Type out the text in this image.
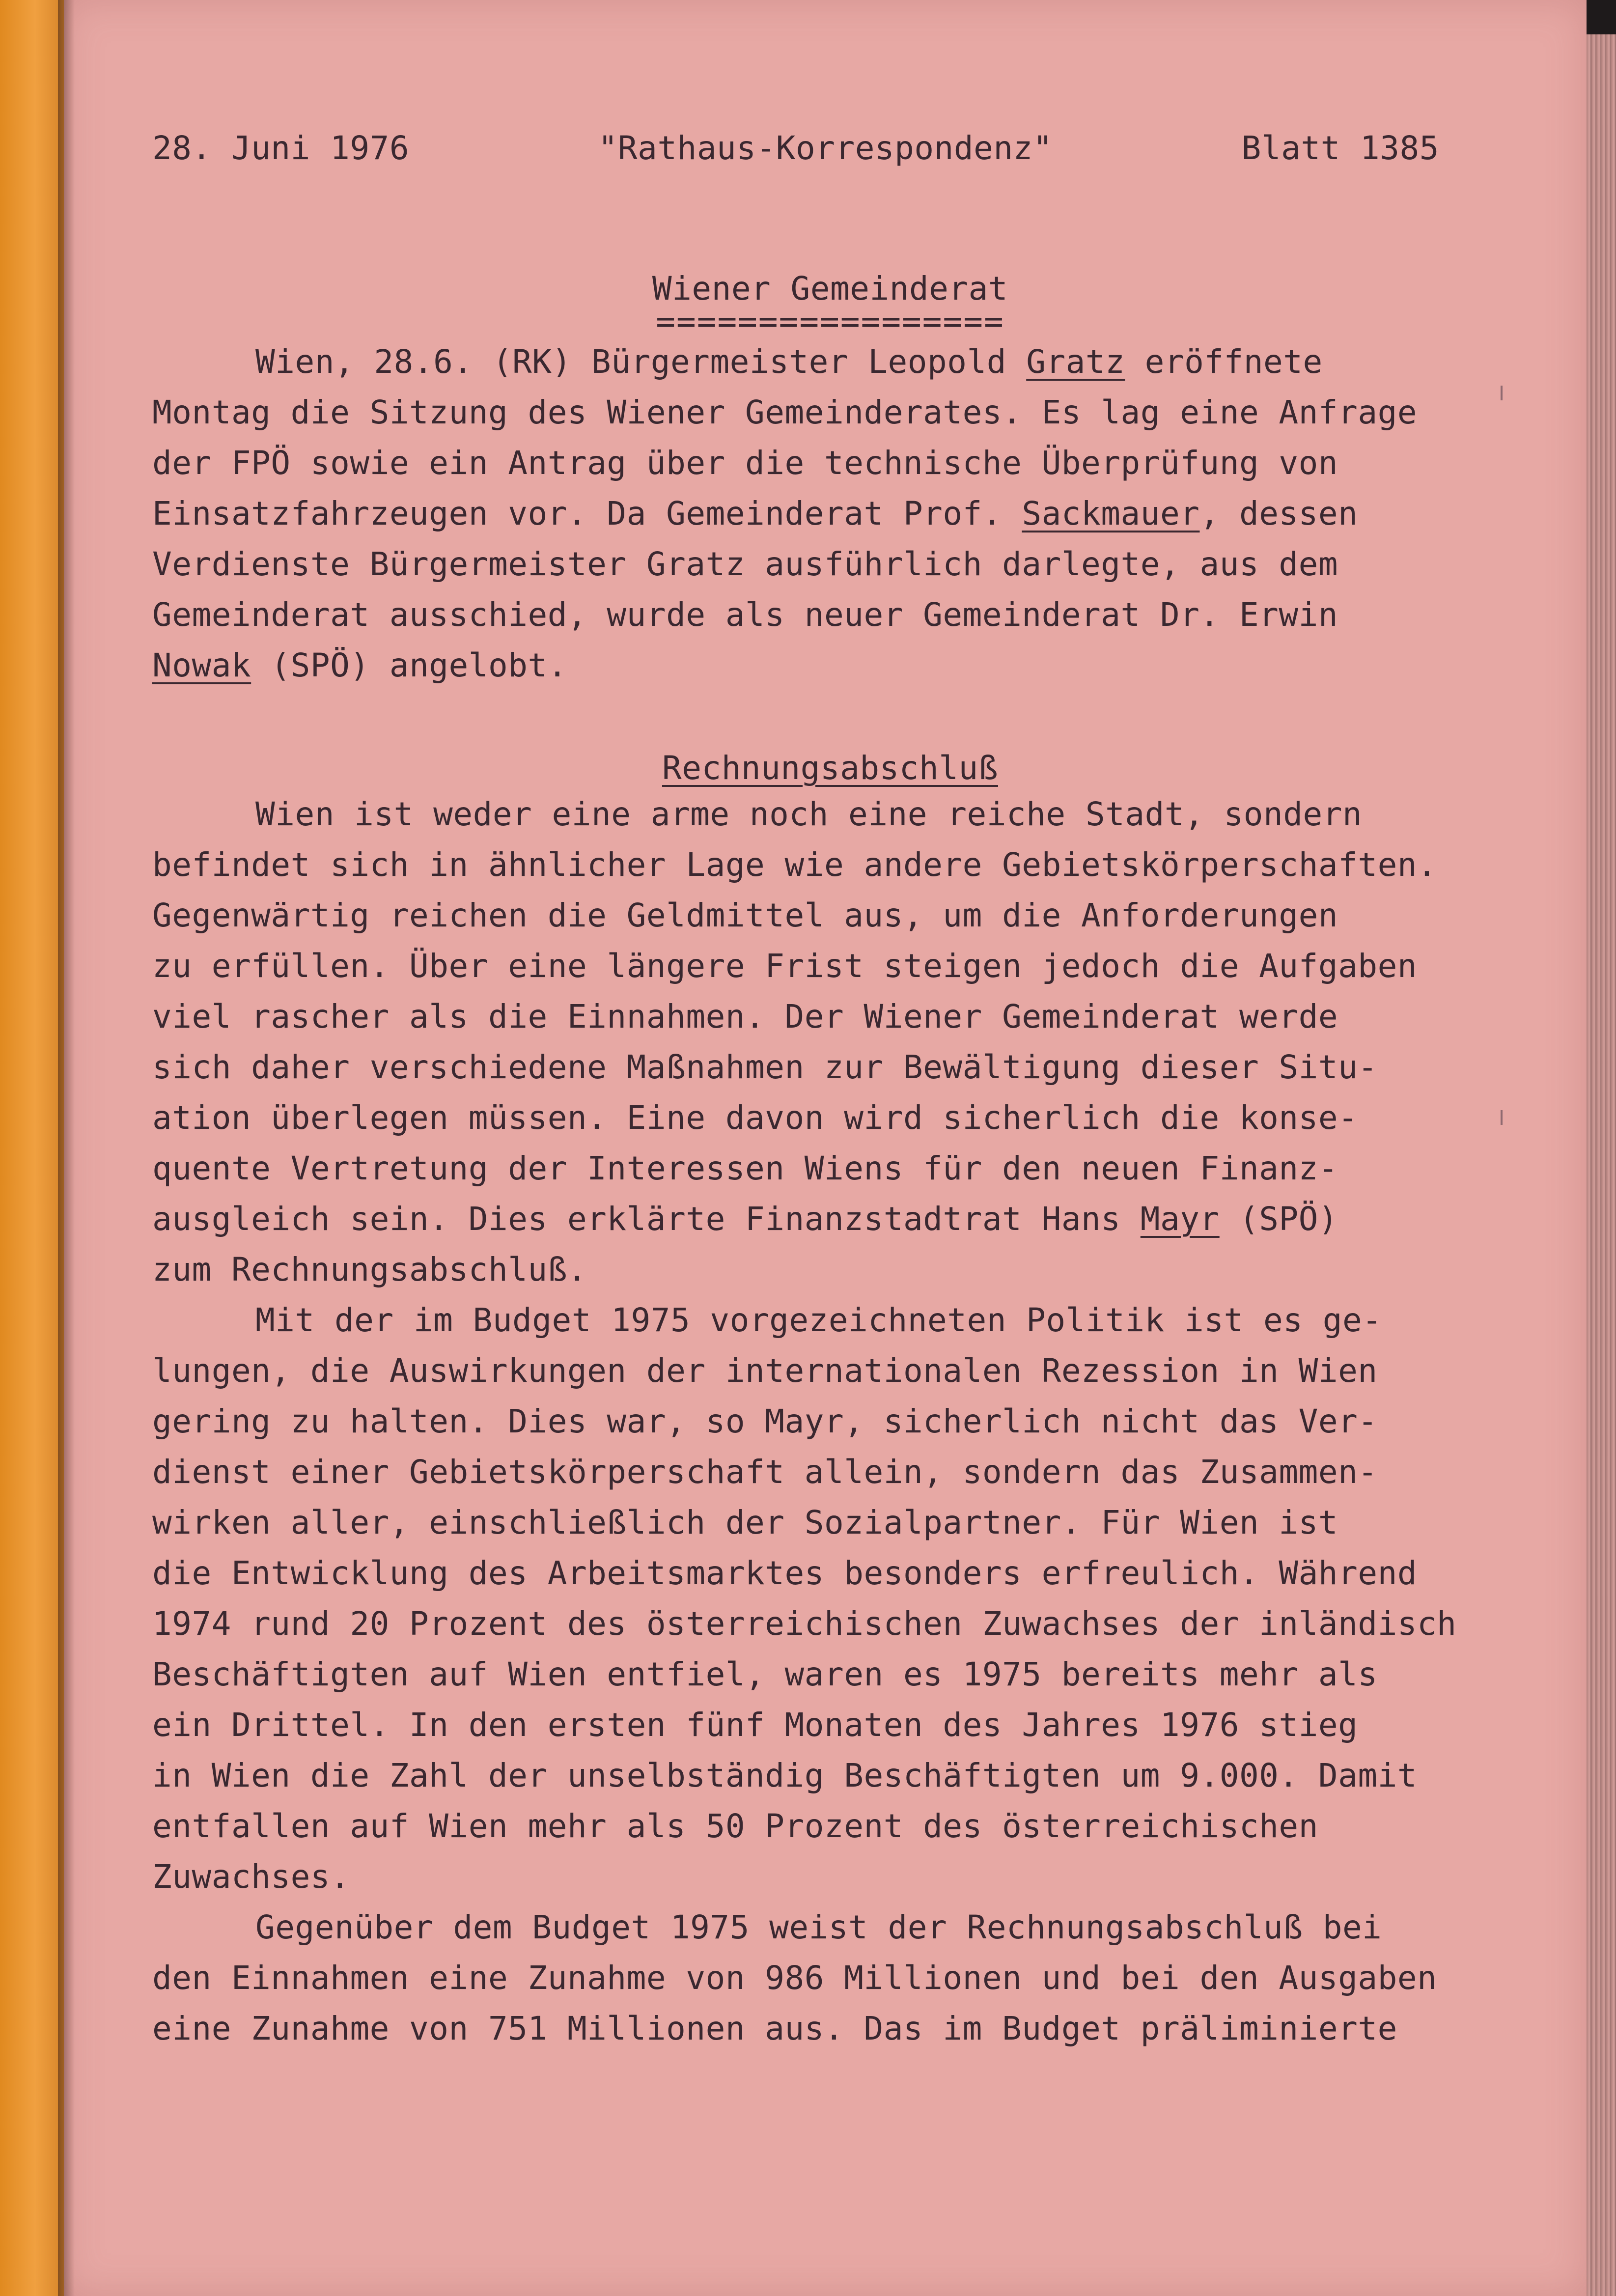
28. Juni 1976	"Rathaus-Korrespondenz"	Blatt 1385
Wiener Gemeinderat
=================
Wien, 28.6. (RK) Bürgermeister Leopold Gratz eröffnete
Montag die Sitzung des Wiener Gemeinderates. Es lag eine Anfrage
der FPÖ sowie ein Antrag über die technische Überprüfung von
Einsatzfahrzeugen vor. Da Gemeinderat Prof. Sackmauer, dessen
Verdienste Bürgermeister Gratz ausführlich darlegte, aus dem
Gemeinderat ausschied, wurde als neuer Gemeinderat Dr. Erwin
Nowak (SPÖ) angelobt.
Rechnungsabschluß
Wien ist weder eine arme noch eine reiche Stadt, sondern
befindet sich in ähnlicher Lage wie andere Gebietskörperschaften.
Gegenwärtig reichen die Geldmittel aus, um die Anforderungen
zu erfüllen. Über eine längere Frist steigen jedoch die Aufgaben
viel rascher als die Einnahmen. Der Wiener Gemeinderat werde
sich daher verschiedene Maßnahmen zur Bewältigung dieser Situ-
ation überlegen müssen. Eine davon wird sicherlich die konse-
quente Vertretung der Interessen Wiens für den neuen Finanz-
ausgleich sein. Dies erklärte Finanzstadtrat Hans Mayr (SPÖ)
zum Rechnungsabschluß.
Mit der im Budget 1975 vorgezeichneten Politik ist es ge-
lungen, die Auswirkungen der internationalen Rezession in Wien
gering zu halten. Dies war, so Mayr, sicherlich nicht das Ver-
dienst einer Gebietskörperschaft allein, sondern das Zusammen-
wirken aller, einschließlich der Sozialpartner. Für Wien ist
die Entwicklung des Arbeitsmarktes besonders erfreulich. Während
1974 rund 20 Prozent des österreichischen Zuwachses der inländisch
Beschäftigten auf Wien entfiel, waren es 1975 bereits mehr als
ein Drittel. In den ersten fünf Monaten des Jahres 1976 stieg
in Wien die Zahl der unselbständig Beschäftigten um 9.000. Damit
entfallen auf Wien mehr als 50 Prozent des österreichischen
Zuwachses.
Gegenüber dem Budget 1975 weist der Rechnungsabschluß bei
den Einnahmen eine Zunahme von 986 Millionen und bei den Ausgaben
eine Zunahme von 751 Millionen aus. Das im Budget präliminierte
